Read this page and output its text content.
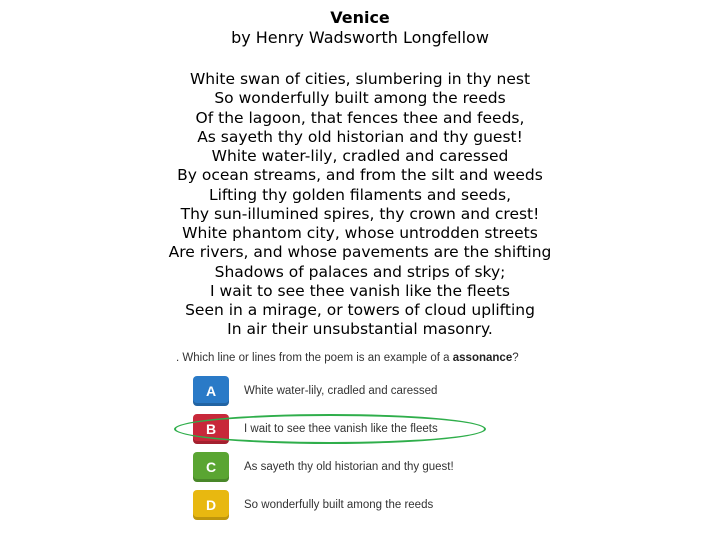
Venice
by Henry Wadsworth Longfellow
White swan of cities, slumbering in thy nest
So wonderfully built among the reeds
Of the lagoon, that fences thee and feeds,
As sayeth thy old historian and thy guest!
White water-lily, cradled and caressed
By ocean streams, and from the silt and weeds
Lifting thy golden filaments and seeds,
Thy sun-illumined spires, thy crown and crest!
White phantom city, whose untrodden streets
Are rivers, and whose pavements are the shifting
Shadows of palaces and strips of sky;
I wait to see thee vanish like the fleets
Seen in a mirage, or towers of cloud uplifting
In air their unsubstantial masonry.
. Which line or lines from the poem is an example of a assonance?
A	White water-lily, cradled and caressed
B	I wait to see thee vanish like the fleets
C	As sayeth thy old historian and thy guest!
D	So wonderfully built among the reeds
